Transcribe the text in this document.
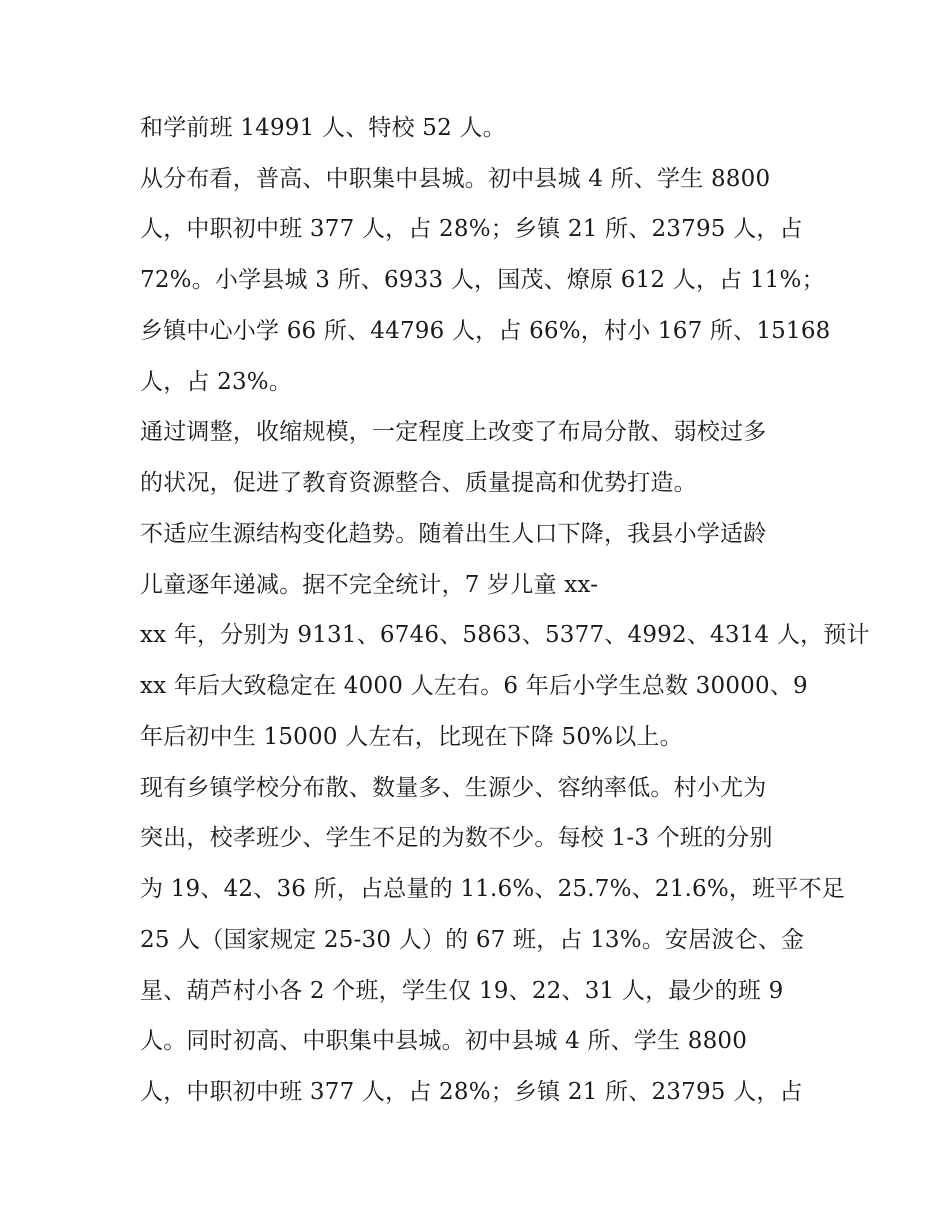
和学前班 14991 人、特校 52 人。
从分布看，普高、中职集中县城。初中县城 4 所、学生 8800
人，中职初中班 377 人，占 28%；乡镇 21 所、23795 人，占
72%。小学县城 3 所、6933 人，国茂、燎原 612 人，占 11%；
乡镇中心小学 66 所、44796 人，占 66%，村小 167 所、15168
人，占 23%。
通过调整，收缩规模，一定程度上改变了布局分散、弱校过多
的状况，促进了教育资源整合、质量提高和优势打造。
不适应生源结构变化趋势。随着出生人口下降，我县小学适龄
儿童逐年递减。据不完全统计，7 岁儿童 xx-
xx 年，分别为 9131、6746、5863、5377、4992、4314 人，预计
xx 年后大致稳定在 4000 人左右。6 年后小学生总数 30000、9
年后初中生 15000 人左右，比现在下降 50%以上。
现有乡镇学校分布散、数量多、生源少、容纳率低。村小尤为
突出，校孝班少、学生不足的为数不少。每校 1-3 个班的分别
为 19、42、36 所，占总量的 11.6%、25.7%、21.6%，班平不足
25 人（国家规定 25-30 人）的 67 班，占 13%。安居波仑、金
星、葫芦村小各 2 个班，学生仅 19、22、31 人，最少的班 9
人。同时初高、中职集中县城。初中县城 4 所、学生 8800
人，中职初中班 377 人，占 28%；乡镇 21 所、23795 人，占
